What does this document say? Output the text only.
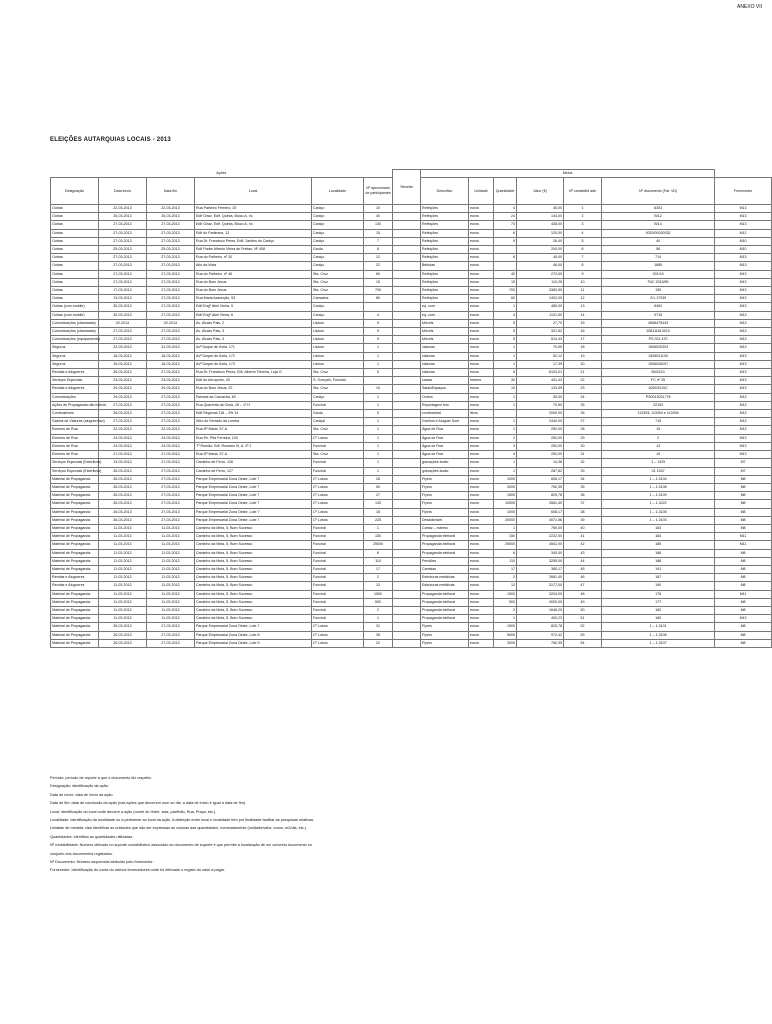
ANEXO VII
ELEIÇÕES AUTARQUIAS LOCAIS - 2013
Ações						Receita	Meios						
Designação	Data início	Data fim	Local	Localidade	Nº aproximado de participantes		Descritivo	Unidade	Quantidade	Valor (€)	Nº contabilid ade	Nº documento (Fat. VD)	Fornecedor
Outras	22-03-2013	22-03-2013	Rua Palheiro Ferreiro, 20	Caniço	10		Refeições	euros	4	45,00	1	6303	M13
Outras	26-03-2013	26-03-2013	Edif Giraz, Edif. Quinta, Bloco A, r/c	Caniço	40		Refeições	euros	24	144,00	2	B/12	M13
Outras	27-03-2013	27-03-2013	Edif Giraz, Edif. Quinta, Bloco A, r/c	Caniço	130		Refeições	euros	73	438,00	3	B/14	M13
Outras	27-03-2013	27-03-2013	Edif do Parlimina, 13	Caniço	15		Refeições	euros	6	120,00	4	0020/00030332	M12
Outras	27-03-2013	27-03-2013	Rua Dr. Francisco Peres, Edif. Jardins do Caniço	Caniço	7		Refeições	euros	5	26,40	5	40	M10
Outras	25-03-2013	25-03-2013	Edif Padre Alfredo Vieira de Freitas, Nº 408	Gaula	8		Refeições	euros		200,00	6	58	M10
Outras	27-03-2013	27-03-2013	Rua do Palheiro, nº 20	Caniço	12		Refeições	euros	8	45,00	7	714	M13
Outras	27-03-2013	27-03-2013	Alto da Vista	Caniço	22		Bebidas	euros		46,00	8	1685	M13
Outras	27-03-2013	27-03-2013	Rua do Palheiro, nº 46	Sta. Cruz	60		Refeições	euros	40	270,00	9	001/15	M13
Outras	27-03-2013	27-03-2013	Rua do Bom Jesus	Sta. Cruz	15		Refeições	euros	15	110,25	10	FAC 2013/85	M13
Outras	17-03-2013	27-03-2013	Rua do Bom Jesus	Sta. Cruz	700		Refeições	euros	700	3383,50	11	155	M13
Outras	13-03-2013	27-03-2013	Rua Maria Assunção, 53	Camacha	80		Refeições	euros	60	1402,00	12	2/1.17039	M13
Outras (com.mobile)	30-03-2013	27-03-2013	Edif Engº Abel Vieira, 5	Caniço			eq. com	euros	1	480,00	13	6492	M13
Outras (com.mobile)	30-03-2013	27-03-2013	Edif Engº Abel Vieira, 6	Caniço	4		eq. com	euros	4	1101,50	14	0715	M13
Comunicações (chamadas)	02-2014	02-2014	Av. Álvaro Pais, 2	Lisboa	5		Móveis	euros	5	27,70	15	4658475443	M13
Comunicações (chamadas)	27-03-2013	27-03-2013	Av. Álvaro Pais, 3	Lisboa	5		Móveis	euros	5	321,62	16	208111613210	M13
Comunicações (equipamento)	27-03-2013	27-03-2013	Av. Álvaro Pais, 4	Lisboa	5		Móveis	euros	5	514,43	17	PS 021.470	M13
Seguros	22-03-2013	31-03-2013	Avª Duque de Ávila, 171	Lisboa	1		viaturas	euros	1	70,09	18	1506020303	M13
Seguros	18-03-2013	18-03-2013	Avª Duque de Ávila, 172	Lisboa	1		viaturas	euros	1	52,12	19	1506021130	M13
Seguros	19-03-2013	18-03-2013	Avª Duque de Ávila, 173	Lisboa	1		viaturas	euros	1	17,39	20	1506026207	M13
Rendas e Alugueres	26-03-2013	27-03-2013	Rua Dr. Francisco Peres, Edf. Alberto Teixeira, Loja G	Sta. Cruz	5		viaturas	euros	5	6103,01	21	B03/110	M13
Serviços Especiais	23-03-2013	23-03-2013	Edif do Aeroporto, 43	S. Gonçalo, Funchal			caixas	metros	30	441,43	22	FC nº 25	M13
Rendas e Alugueres	29-03-2013	29-03-2013	Rua do Bom Jesus, 22	Sta. Cruz	10		Salas/Espaços	euros	10	133,59	23	1000/2010C	M13
Comunicações	29-03-2013	27-03-2013	Estrada da Camacha, 60	Caniço	1		Outros	euros	1	35,30	24	PS0013031778	M13
Ações de Propaganda não individ.	27-03-2013	27-03-2013	Rua Quarenta da Cima, 28 – 1º H	Funchal	1		Reportagem foto	euros	1	70,50	25	22153	M13
Combustíveis	26-03-2013	27-03-2013	Edif Regional 118 – 3ºe 14	Gaula	5		combustível	litros		2000,00	26	113393; 113394 e 113394	M13
Gastos de Viaturas (aluguer/uso)	27-03-2013	27-03-2013	Sítio do Serrado da Lomba	Caniçal	1		Grelhos e Aluguer Som	euros	1	2440,00	27	715	M13
Eventos de Rua	22-03-2013	22-03-2013	Rua Dª Maria, 57-A	Sta. Cruz	1		Água de Rua	euros	1	250,00	28	15	M13
Eventos de Rua	24-03-2013	24-03-2013	Rua Pe. Pita Ferreira, 100	Cº Lobos	1		Água de Rua	euros	2	250,00	29	2	M13
Eventos de Rua	24-03-2013	24-03-2013	Tº Romão, Edf. Romano III, A, 3º J	Funchal	1		Água de Rua	euros	3	250,00	30	13	M13
Eventos de Rua	27-03-2013	27-03-2013	Rua Dª Maria, 57-A	Sta. Cruz	1		Água de Rua	euros	4	250,00	31	19	M13
Serviços Especiais (Esterilizar)	13-03-2013	27-03-2013	Caminho de Ferro, 126	Funchal	1		gravações áudio	euros	1	14,38	32	1 – 1325	M7
Serviços Especiais (Esterilizar)	26-03-2013	27-03-2013	Caminho de Ferro, 127	Funchal	1		gravações áudio	euros	1	287,82	33	01 1537	M7
Material de Propaganda	26-03-2013	27-03-2013	Parque Empresarial Zona Oeste, Lote 7	Cº Lobos	28		Flyers	euros	1000	608,17	34	1 – 1.3104	M8
Material de Propaganda	26-03-2013	27-03-2013	Parque Empresarial Zona Oeste, Lote 7	Cº Lobos	50		Flyers	euros	3000	760,35	35	1 – 1.3108	M8
Material de Propaganda	26-03-2013	27-03-2013	Parque Empresarial Zona Oeste, Lote 7	Cº Lobos	27		Flyers	euros	1500	825,78	36	1 – 1.3109	M8
Material de Propaganda	26-03-2013	27-03-2013	Parque Empresarial Zona Oeste, Lote 7	Cº Lobos	130		Flyers	euros	10000	2661,40	37	1 – 1.3222	M8
Material de Propaganda	26-03-2013	27-03-2013	Parque Empresarial Zona Oeste, Lote 7	Cº Lobos	18		Flyers	euros	1000	608,17	38	1 – 1.3105	M8
Material de Propaganda	26-03-2013	27-03-2013	Parque Empresarial Zona Oeste, Lote 7	Cº Lobos	225		Desdobrável	euros	20000	4071,56	39	1 – 1.3103	M8
Material de Propaganda	11-03-2013	11-03-2013	Caminho da Meia, 5, Bom Sucesso	Funchal	1		Cartaz – mármo	euros	1	780,00	40	183	M8
Material de Propaganda	11-03-2013	11-03-2013	Caminho da Meia, 5, Bom Sucesso	Funchal	150		Propaganda eleitoral	euros	150	2222,50	41	184	M11
Material de Propaganda	11-03-2013	11-03-2013	Caminho da Meia, 5, Bom Sucesso	Funchal	25000		Propaganda eleitoral	euros	25000	4541,00	42	185	M11
Material de Propaganda	11-03-2013	11-03-2013	Caminho da Meia, 5, Bom Sucesso	Funchal	6		Propaganda eleitoral	euros	6	340,00	43	186	M8
Material de Propaganda	11-03-2013	11-03-2013	Caminho da Meia, 5, Bom Sucesso	Funchal	110		Pendões	euros	110	3255,00	44	188	M8
Material de Propaganda	11-03-2013	11-03-2013	Caminho da Meia, 5, Bom Sucesso	Funchal	17		Camisas	euros	17	385,17	45	191	M8
Rendas e Alugueres	11-03-2013	11-03-2013	Caminho da Meia, 5, Bom Sucesso	Funchal	2		Estruturas metálicas	euros	2	2661,40	46	187	M8
Rendas e Alugueres	11-03-2013	11-03-2013	Caminho da Meia, 5, Bom Sucesso	Funchal	13		Estruturas metálicas	euros	13	3177,00	47	190	M8
Material de Propaganda	11-03-2013	11-03-2013	Caminho da Meia, 5, Bom Sucesso	Funchal	1500		Propaganda eleitoral	euros	1500	3204,00	48	176	M11
Material de Propaganda	11-03-2013	11-03-2013	Caminho da Meia, 5, Bom Sucesso	Funchal	500		Propaganda eleitoral	euros	500	4000,00	49	177	M8
Material de Propaganda	11-03-2013	11-03-2013	Caminho da Meia, 5, Bom Sucesso	Funchal	2		Propaganda eleitoral	euros	2	1646,20	50	182	M8
Material de Propaganda	11-03-2013	11-03-2013	Caminho da Meia, 5, Bom Sucesso	Funchal	1		Propaganda eleitoral	euros	1	400,23	51	180	M13
Material de Propaganda	26-03-2013	27-03-2013	Parque Empresarial Zona Oeste, Lote 7	Cº Lobos	31		Flyers	euros	1500	825,78	52	1 – 1.3101	M8
Material de Propaganda	26-03-2013	27-03-2013	Parque Empresarial Zona Oeste, Lote 8	Cº Lobos	35		Flyers	euros	5000	972,42	53	1 – 1.3106	M8
Material de Propaganda	26-03-2013	27-03-2013	Parque Empresarial Zona Oeste, Lote 9	Cº Lobos	22		Flyers	euros	3000	760,35	54	1 – 1.3107	M8
Período: período de reporte a que o documento diz respeito.
Designação: identificação da ação.
Data de início: data de início da ação.
Data de fim: data de conclusão da ação (nas ações que decorrem num só dia, a data de início é igual à data de fim).
Local: identificação do local onde decorre a ação (nome do Hotel, sala, pavilhão, Rua, Praça, etc.).
Localidade: identificação da localidade ou a pertinente ao local da ação. A distinção entre local e localidade tem por finalidade facilitar as pesquisas relativas.
Unidade de medida: visa identificar as unidades que são ser expressas as colunas das quantidades, nomeadamente (unidade/valor, euros, m2/dia, etc.).
Quantidades: identifica as quantidades utilizadas.
Nº contabilidade: Número utilizado no suporte contabilístico associado ao documento de suporte e que permite a localização de um concreto documento no
conjunto dos documentos registados.
Nº Documento: Número sequencial atribuído pelo fornecedor.
Fornecedor: Identificação do conta do rubrica fornecedores onde foi efetuado o registo do valor a pagar.
